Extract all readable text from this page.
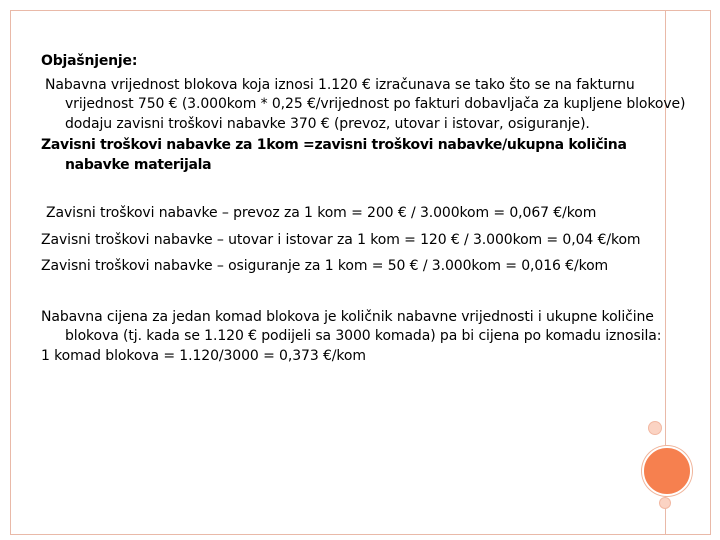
Objašnjenje:

Nabavna vrijednost blokova koja iznosi 1.120 € izračunava se tako što se na fakturnu vrijednost 750 € (3.000kom * 0,25 €/vrijednost po fakturi dobavljača za kupljene blokove) dodaju zavisni troškovi nabavke 370 € (prevoz, utovar i istovar, osiguranje).

Zavisni troškovi nabavke za 1kom =zavisni troškovi nabavke/ukupna količina nabavke materijala

Zavisni troškovi nabavke – prevoz za 1 kom = 200 € / 3.000kom = 0,067 €/kom

Zavisni troškovi nabavke – utovar i istovar za 1 kom = 120 € / 3.000kom = 0,04 €/kom

Zavisni troškovi nabavke – osiguranje za 1 kom = 50 € / 3.000kom = 0,016 €/kom

Nabavna cijena za jedan komad blokova je količnik nabavne vrijednosti i ukupne količine blokova (tj. kada se 1.120 € podijeli sa 3000 komada) pa bi cijena po komadu iznosila:
1 komad blokova = 1.120/3000 = 0,373 €/kom
